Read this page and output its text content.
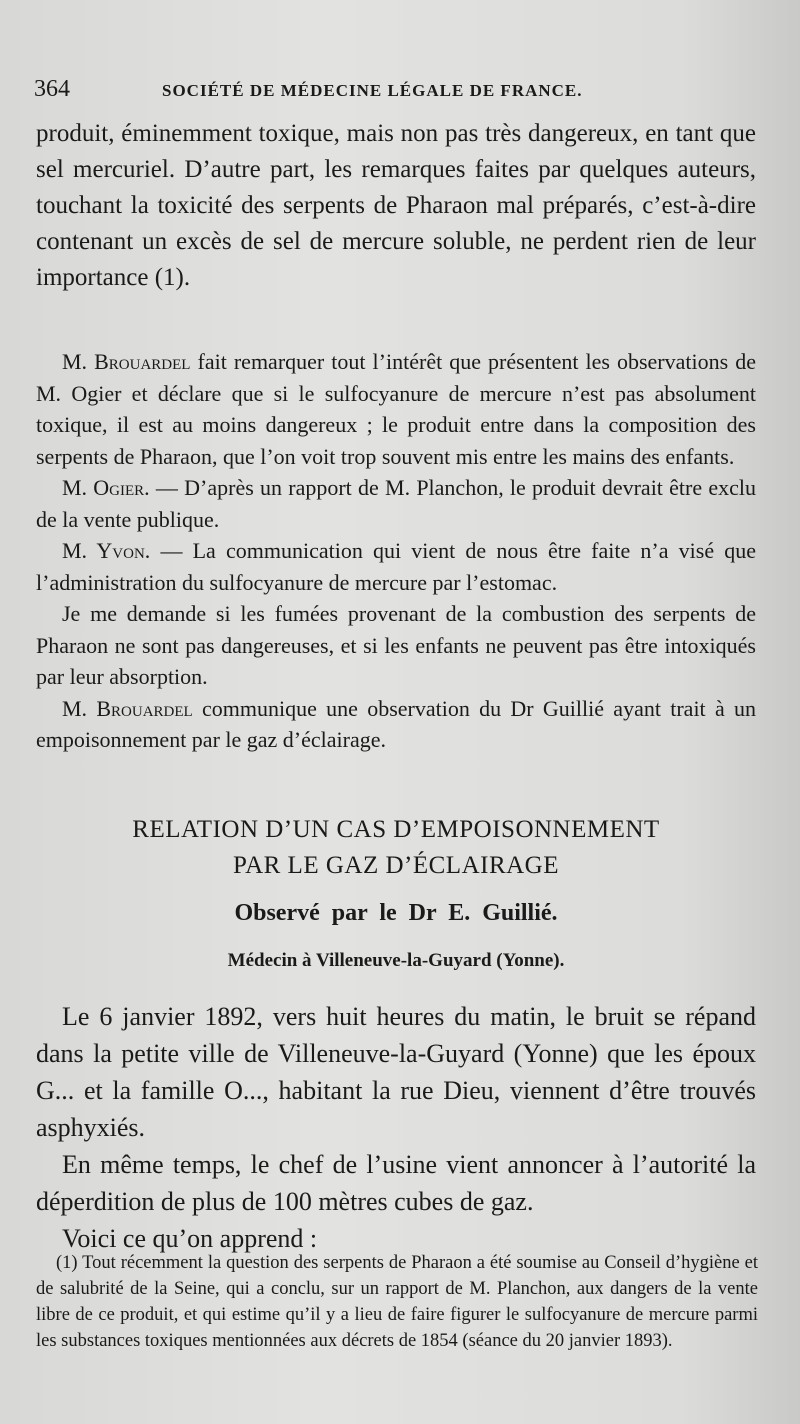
364	SOCIÉTÉ DE MÉDECINE LÉGALE DE FRANCE.

produit, éminemment toxique, mais non pas très dangereux, en tant que sel mercuriel. D’autre part, les remarques faites par quelques auteurs, touchant la toxicité des serpents de Pharaon mal préparés, c’est-à-dire contenant un excès de sel de mercure soluble, ne perdent rien de leur importance (1).

M. Brouardel fait remarquer tout l’intérêt que présentent les observations de M. Ogier et déclare que si le sulfocyanure de mercure n’est pas absolument toxique, il est au moins dangereux ; le produit entre dans la composition des serpents de Pharaon, que l’on voit trop souvent mis entre les mains des enfants.

M. Ogier. — D’après un rapport de M. Planchon, le produit devrait être exclu de la vente publique.

M. Yvon. — La communication qui vient de nous être faite n’a visé que l’administration du sulfocyanure de mercure par l’estomac.

Je me demande si les fumées provenant de la combustion des serpents de Pharaon ne sont pas dangereuses, et si les enfants ne peuvent pas être intoxiqués par leur absorption.

M. Brouardel communique une observation du Dr Guillié ayant trait à un empoisonnement par le gaz d’éclairage.

RELATION D’UN CAS D’EMPOISONNEMENT
PAR LE GAZ D’ÉCLAIRAGE
Observé par le Dr E. Guillié.
Médecin à Villeneuve-la-Guyard (Yonne).

Le 6 janvier 1892, vers huit heures du matin, le bruit se répand dans la petite ville de Villeneuve-la-Guyard (Yonne) que les époux G... et la famille O..., habitant la rue Dieu, viennent d’être trouvés asphyxiés.

En même temps, le chef de l’usine vient annoncer à l’autorité la déperdition de plus de 100 mètres cubes de gaz.

Voici ce qu’on apprend :

(1) Tout récemment la question des serpents de Pharaon a été soumise au Conseil d’hygiène et de salubrité de la Seine, qui a conclu, sur un rapport de M. Planchon, aux dangers de la vente libre de ce produit, et qui estime qu’il y a lieu de faire figurer le sulfocyanure de mercure parmi les substances toxiques mentionnées aux décrets de 1854 (séance du 20 janvier 1893).
